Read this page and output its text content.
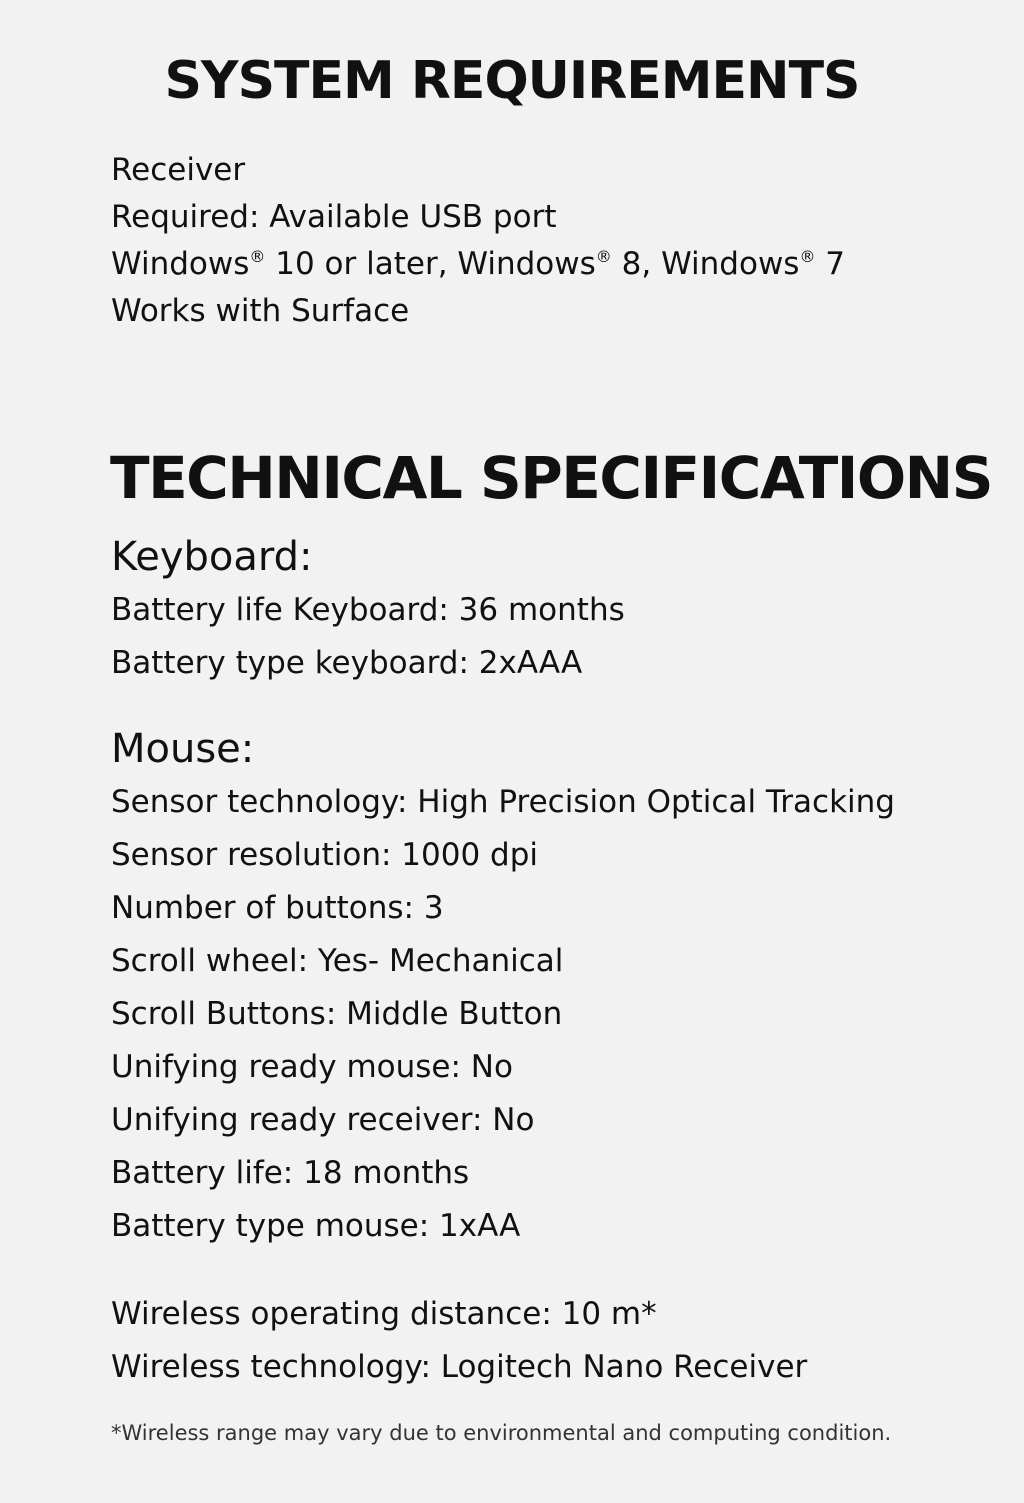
SYSTEM REQUIREMENTS
Receiver
Required: Available USB port
Windows® 10 or later, Windows® 8, Windows® 7
Works with Surface
TECHNICAL SPECIFICATIONS
Keyboard:
Battery life Keyboard: 36 months
Battery type keyboard: 2xAAA
Mouse:
Sensor technology: High Precision Optical Tracking
Sensor resolution: 1000 dpi
Number of buttons: 3
Scroll wheel: Yes- Mechanical
Scroll Buttons: Middle Button
Unifying ready mouse: No
Unifying ready receiver: No
Battery life: 18 months
Battery type mouse: 1xAA
Wireless operating distance: 10 m*
Wireless technology: Logitech Nano Receiver
*Wireless range may vary due to environmental and computing condition.
